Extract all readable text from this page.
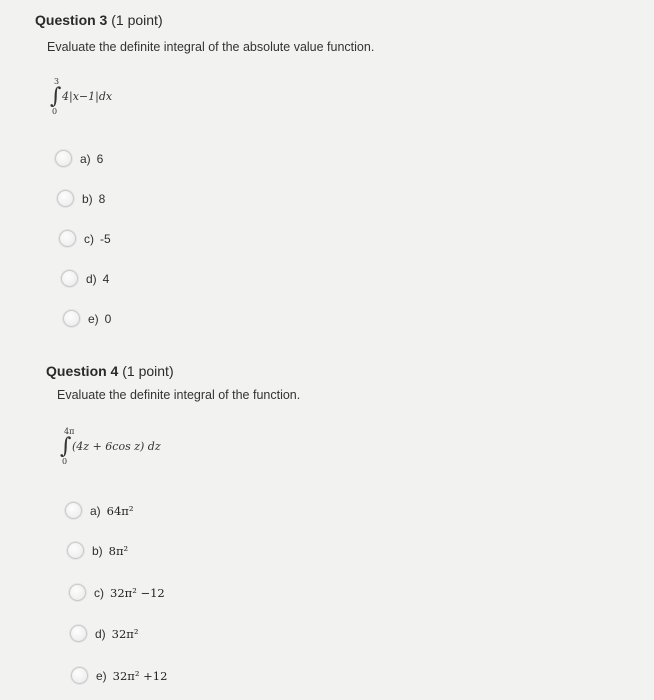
Question 3 (1 point)
Evaluate the definite integral of the absolute value function.
3
∫
0
4|x−1|dx
a) 6
b) 8
c) -5
d) 4
e) 0
Question 4 (1 point)
Evaluate the definite integral of the function.
4π
∫
0
(4z + 6cos z) dz
a) 64π²
b) 8π²
c) 32π² −12
d) 32π²
e) 32π² +12
